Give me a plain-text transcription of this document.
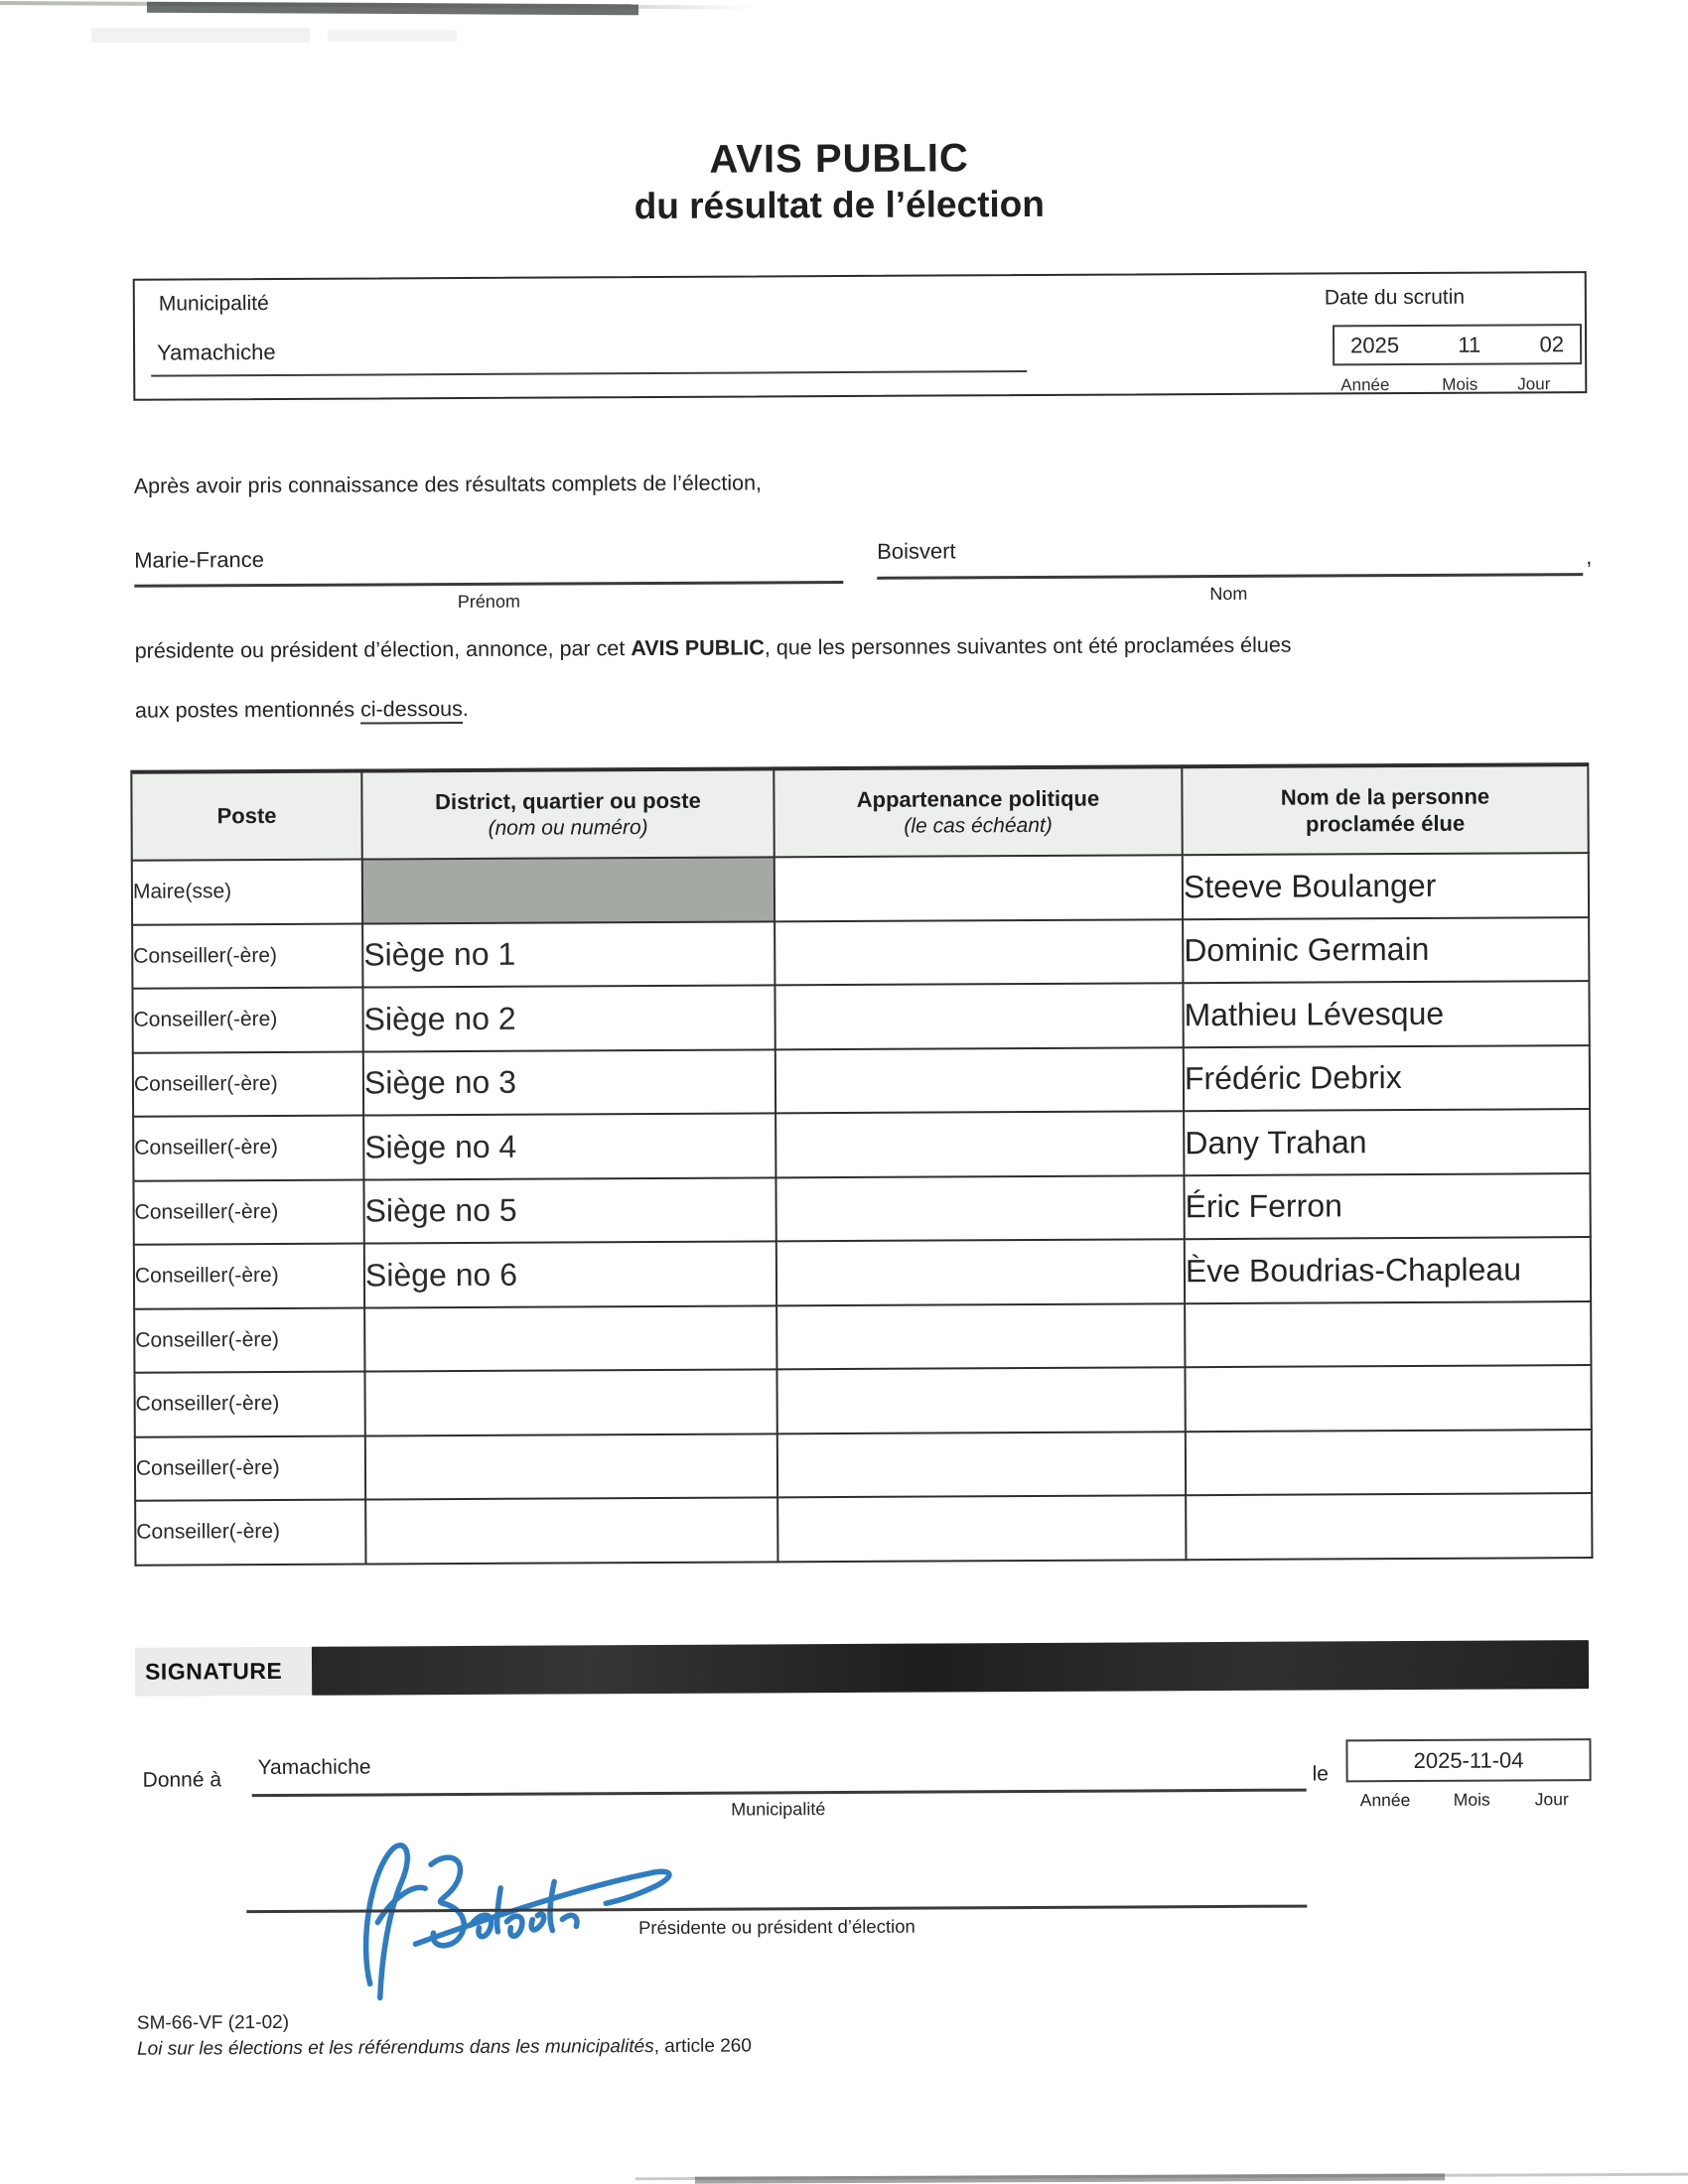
AVIS PUBLIC
du résultat de l’élection
Municipalité
Yamachiche
Date du scrutin
2025	11	02
Année	Mois Jour
Après avoir pris connaissance des résultats complets de l’élection,
Marie-France
Prénom
Boisvert
Nom
,
présidente ou président d’élection, annonce, par cet AVIS PUBLIC, que les personnes suivantes ont été proclamées élues
aux postes mentionnés ci-dessous.
Poste	
District, quartier ou poste
(nom ou numéro)

Appartenance politique
(le cas échéant)

Nom de la personne
proclamée élue

Maire(sse)			Steeve Boulanger
Conseiller(-ère)	Siège no 1		Dominic Germain
Conseiller(-ère)	Siège no 2		Mathieu Lévesque
Conseiller(-ère)	Siège no 3		Frédéric Debrix
Conseiller(-ère)	Siège no 4		Dany Trahan
Conseiller(-ère)	Siège no 5		Éric Ferron
Conseiller(-ère)	Siège no 6		Ève Boudrias-Chapleau
Conseiller(-ère)			
Conseiller(-ère)			
Conseiller(-ère)			
Conseiller(-ère)			
SIGNATURE
Donné à
Yamachiche
Municipalité
le
2025-11-04
Année Mois	Jour
Présidente ou président d’élection
SM-66-VF (21-02)
Loi sur les élections et les référendums dans les municipalités, article 260
